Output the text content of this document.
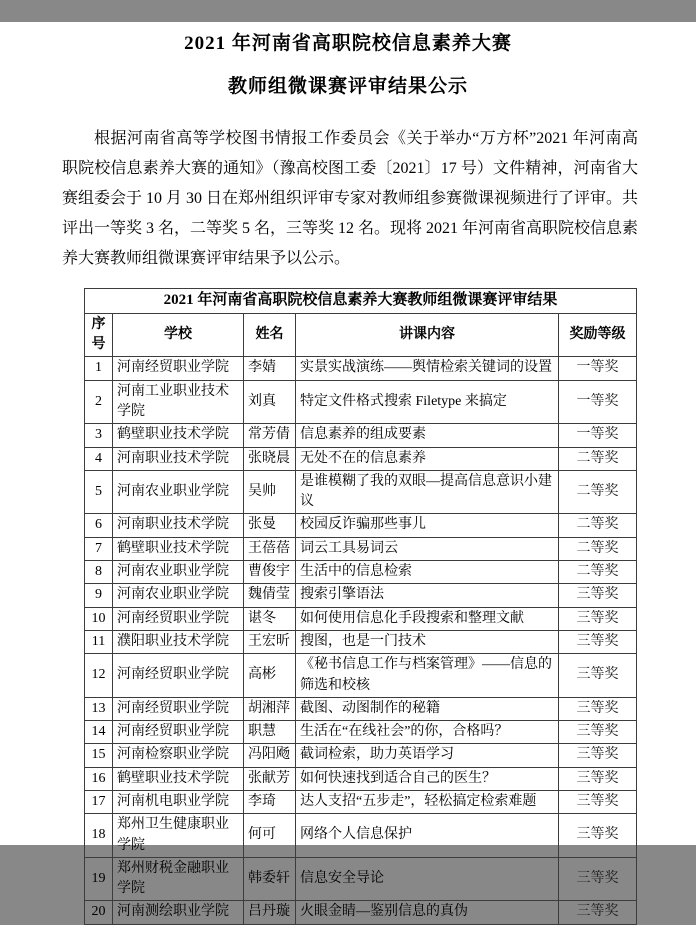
2021 年河南省高职院校信息素养大赛
教师组微课赛评审结果公示

根据河南省高等学校图书情报工作委员会《关于举办“万方杯”2021 年河南高职院校信息素养大赛的通知》（豫高校图工委〔2021〕17 号）文件精神，河南省大赛组委会于 10 月 30 日在郑州组织评审专家对教师组参赛微课视频进行了评审。共评出一等奖 3 名，二等奖 5 名，三等奖 12 名。现将 2021 年河南省高职院校信息素养大赛教师组微课赛评审结果予以公示。

2021 年河南省高职院校信息素养大赛教师组微课赛评审结果				
序号	学校	姓名	讲课内容	奖励等级
1	河南经贸职业学院	李婧	实景实战演练——舆情检索关键词的设置	一等奖
2	河南工业职业技术学院	刘真	特定文件格式搜索 Filetype 来搞定	一等奖
3	鹤壁职业技术学院	常芳倩	信息素养的组成要素	一等奖
4	河南职业技术学院	张晓晨	无处不在的信息素养	二等奖
5	河南农业职业学院	吴帅	是谁模糊了我的双眼—提高信息意识小建议	二等奖
6	河南职业技术学院	张曼	校园反诈骗那些事儿	二等奖
7	鹤壁职业技术学院	王蓓蓓	词云工具易词云	二等奖
8	河南农业职业学院	曹俊宇	生活中的信息检索	二等奖
9	河南农业职业学院	魏倩莹	搜索引擎语法	三等奖
10	河南经贸职业学院	谌冬	如何使用信息化手段搜索和整理文献	三等奖
11	濮阳职业技术学院	王宏昕	搜图，也是一门技术	三等奖
12	河南经贸职业学院	高彬	《秘书信息工作与档案管理》——信息的筛选和校核	三等奖
13	河南经贸职业学院	胡湘萍	截图、动图制作的秘籍	三等奖
14	河南经贸职业学院	职慧	生活在“在线社会”的你，合格吗？	三等奖
15	河南检察职业学院	冯阳飏	截词检索，助力英语学习	三等奖
16	鹤壁职业技术学院	张献芳	如何快速找到适合自己的医生？	三等奖
17	河南机电职业学院	李琦	达人支招“五步走”，轻松搞定检索难题	三等奖
18	郑州卫生健康职业学院	何可	网络个人信息保护	三等奖
19	郑州财税金融职业学院	韩委轩	信息安全导论	三等奖
20	河南测绘职业学院	吕丹璇	火眼金睛—鉴别信息的真伪	三等奖
